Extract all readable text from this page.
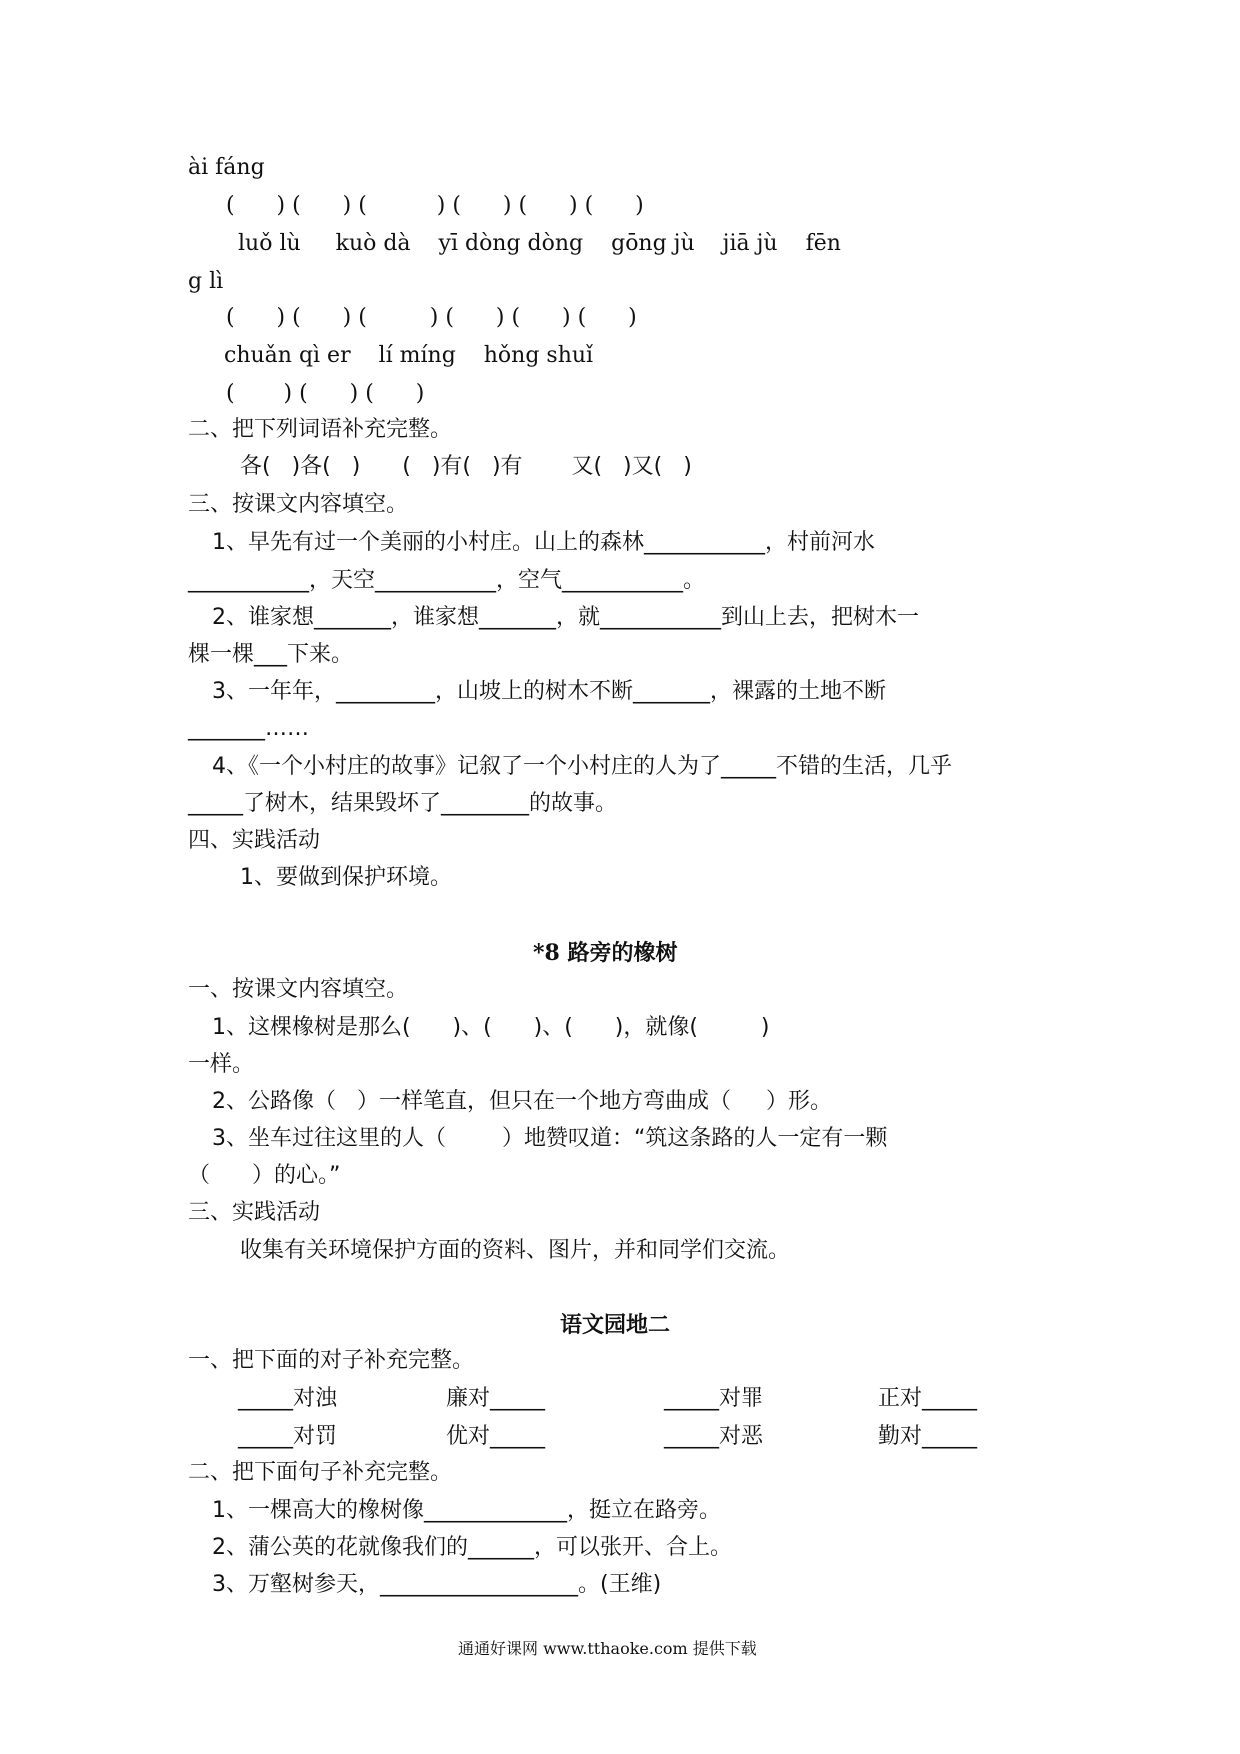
ài fáng
(      ) (      ) (          ) (      ) (      ) (      )
luǒ lù     kuò dà    yī dòng dòng    gōng jù    jiā jù    fēn
g lì
(      ) (      ) (         ) (      ) (      ) (      )
chuǎn qì er    lí míng    hǒng shuǐ
(       ) (      ) (      )
二、把下列词语补充完整。
各(   )各(   )      (   )有(   )有       又(   )又(   )
三、按课文内容填空。
1、早先有过一个美丽的小村庄。山上的森林___________，村前河水
___________，天空___________，空气___________。
2、谁家想_______，谁家想_______，就___________到山上去，把树木一
棵一棵___下来。
3、一年年，_________，山坡上的树木不断_______，裸露的土地不断
_______……
4、《一个小村庄的故事》记叙了一个小村庄的人为了_____不错的生活，几乎
_____了树木，结果毁坏了________的故事。
四、实践活动
1、要做到保护环境。
*8 路旁的橡树
一、按课文内容填空。
1、这棵橡树是那么(      )、(      )、(      )，就像(         )
一样。
2、公路像（   ）一样笔直，但只在一个地方弯曲成（     ）形。
3、坐车过往这里的人（        ）地赞叹道：“筑这条路的人一定有一颗
（      ）的心。”
三、实践活动
收集有关环境保护方面的资料、图片，并和同学们交流。
语文园地二
一、把下面的对子补充完整。
_____对浊	廉对_____	_____对罪	正对_____
_____对罚	优对_____	_____对恶	勤对_____
二、把下面句子补充完整。
1、一棵高大的橡树像_____________，挺立在路旁。
2、蒲公英的花就像我们的______，可以张开、合上。
3、万壑树参天，__________________。(王维)
通通好课网 www.tthaoke.com 提供下载
